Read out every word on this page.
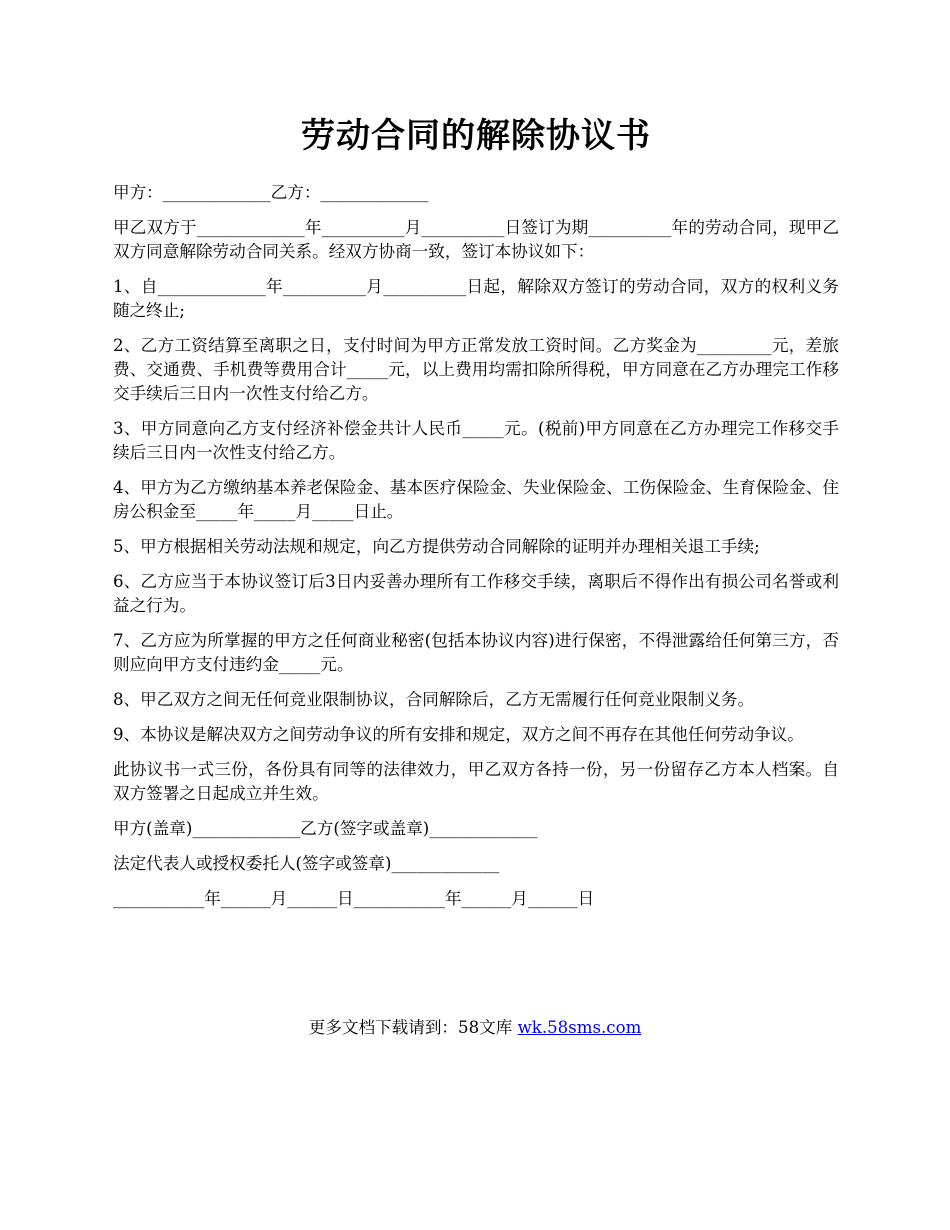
劳动合同的解除协议书

甲方：_____________乙方：_____________

甲乙双方于_____________年__________月__________日签订为期__________年的劳动合同，现甲乙双方同意解除劳动合同关系。经双方协商一致，签订本协议如下：

1、自_____________年__________月__________日起，解除双方签订的劳动合同，双方的权利义务随之终止;

2、乙方工资结算至离职之日，支付时间为甲方正常发放工资时间。乙方奖金为_________元，差旅费、交通费、手机费等费用合计_____元，以上费用均需扣除所得税，甲方同意在乙方办理完工作移交手续后三日内一次性支付给乙方。

3、甲方同意向乙方支付经济补偿金共计人民币_____元。(税前)甲方同意在乙方办理完工作移交手续后三日内一次性支付给乙方。

4、甲方为乙方缴纳基本养老保险金、基本医疗保险金、失业保险金、工伤保险金、生育保险金、住房公积金至_____年_____月_____日止。

5、甲方根据相关劳动法规和规定，向乙方提供劳动合同解除的证明并办理相关退工手续;

6、乙方应当于本协议签订后3日内妥善办理所有工作移交手续，离职后不得作出有损公司名誉或利益之行为。

7、乙方应为所掌握的甲方之任何商业秘密(包括本协议内容)进行保密，不得泄露给任何第三方，否则应向甲方支付违约金_____元。

8、甲乙双方之间无任何竞业限制协议，合同解除后，乙方无需履行任何竞业限制义务。

9、本协议是解决双方之间劳动争议的所有安排和规定，双方之间不再存在其他任何劳动争议。

此协议书一式三份，各份具有同等的法律效力，甲乙双方各持一份，另一份留存乙方本人档案。自双方签署之日起成立并生效。

甲方(盖章)_____________乙方(签字或盖章)_____________

法定代表人或授权委托人(签字或签章)_____________

___________年______月______日___________年______月______日

更多文档下载请到：58文库 wk.58sms.com
